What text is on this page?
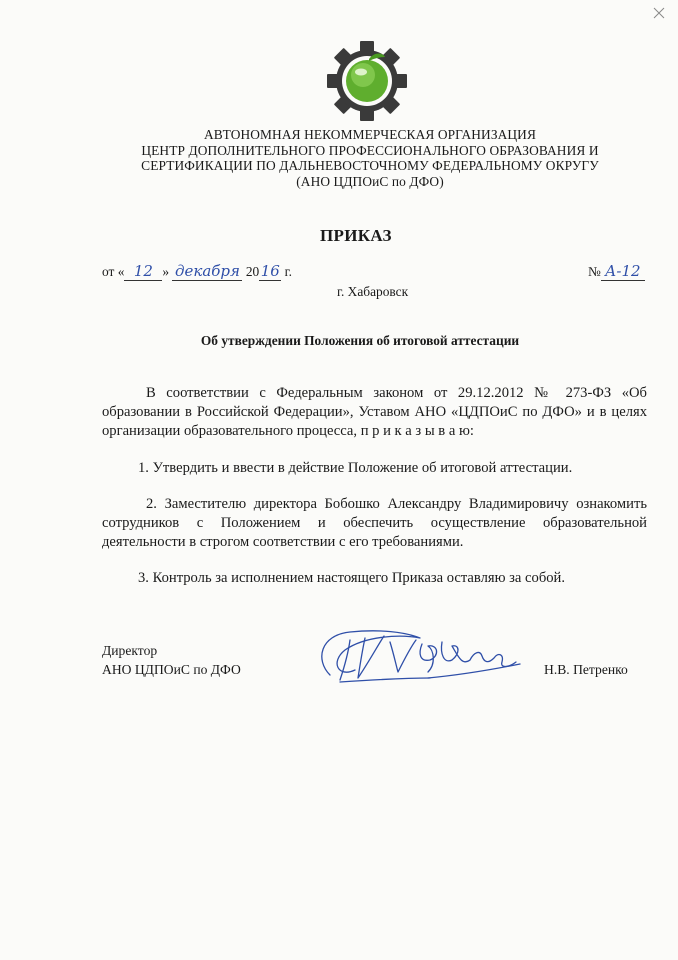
АВТОНОМНАЯ НЕКОММЕРЧЕСКАЯ ОРГАНИЗАЦИЯ
ЦЕНТР ДОПОЛНИТЕЛЬНОГО ПРОФЕССИОНАЛЬНОГО ОБРАЗОВАНИЯ И
СЕРТИФИКАЦИИ ПО ДАЛЬНЕВОСТОЧНОМУ ФЕДЕРАЛЬНОМУ ОКРУГУ
(АНО ЦДПОиС по ДФО)
ПРИКАЗ
от « 12 » декабря 2016 г.	№ А-12
г. Хабаровск
Об утверждении Положения об итоговой аттестации

В соответствии с Федеральным законом от 29.12.2012 № 273-ФЗ «Об образовании в Российской Федерации», Уставом АНО «ЦДПОиС по ДФО» и в целях организации образовательного процесса, п р и к а з ы в а ю:

1. Утвердить и ввести в действие Положение об итоговой аттестации.

2. Заместителю директора Бобошко Александру Владимировичу ознакомить сотрудников с Положением и обеспечить осуществление образовательной деятельности в строгом соответствии с его требованиями.

3. Контроль за исполнением настоящего Приказа оставляю за собой.

Директор
АНО ЦДПОиС по ДФО	Н.В. Петренко
